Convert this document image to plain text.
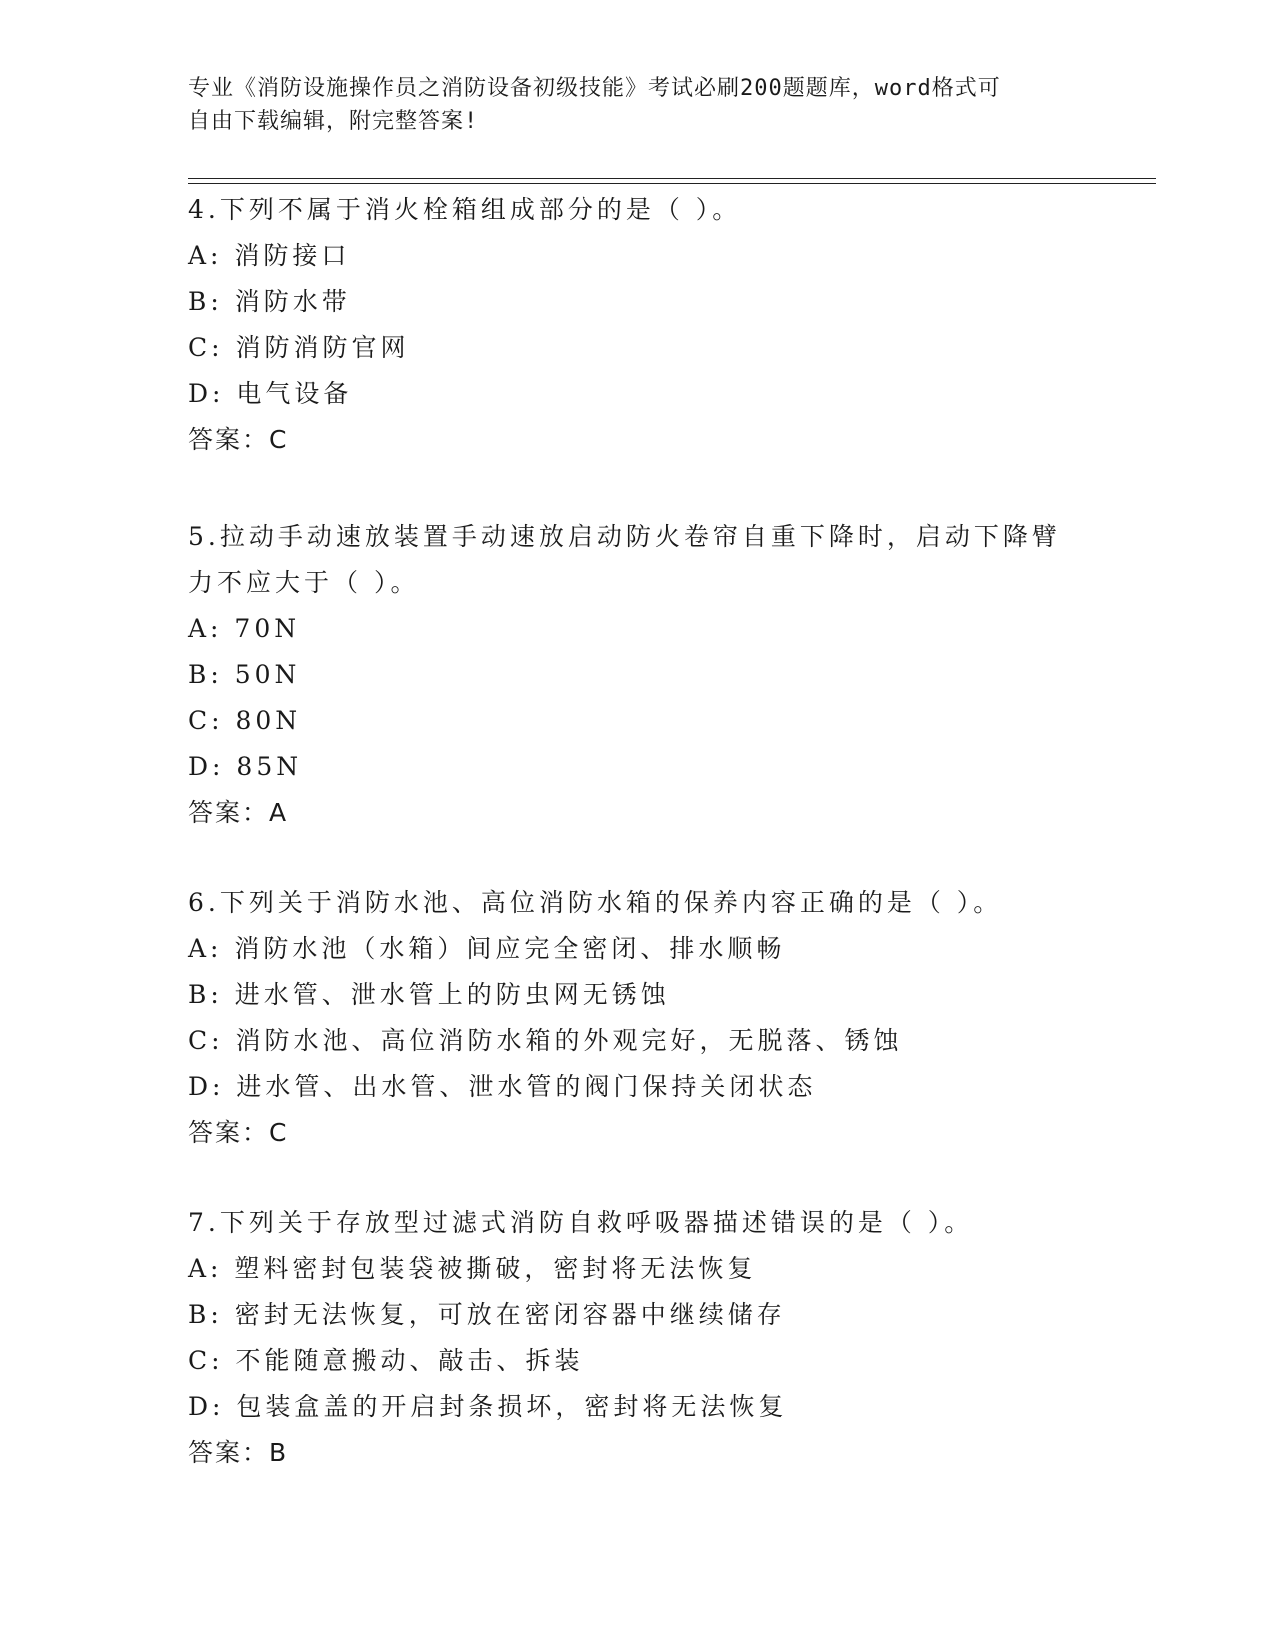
专业《消防设施操作员之消防设备初级技能》考试必刷200题题库，word格式可
自由下载编辑，附完整答案!
4.下列不属于消火栓箱组成部分的是（ ）。
A: 消防接口
B: 消防水带
C: 消防消防官网
D: 电气设备
答案：C
5.拉动手动速放装置手动速放启动防火卷帘自重下降时，启动下降臂
力不应大于（ ）。
A: 70N
B: 50N
C: 80N
D: 85N
答案：A
6.下列关于消防水池、高位消防水箱的保养内容正确的是（ ）。
A: 消防水池（水箱）间应完全密闭、排水顺畅
B: 进水管、泄水管上的防虫网无锈蚀
C: 消防水池、高位消防水箱的外观完好，无脱落、锈蚀
D: 进水管、出水管、泄水管的阀门保持关闭状态
答案：C
7.下列关于存放型过滤式消防自救呼吸器描述错误的是（ ）。
A: 塑料密封包装袋被撕破，密封将无法恢复
B: 密封无法恢复，可放在密闭容器中继续储存
C: 不能随意搬动、敲击、拆装
D: 包装盒盖的开启封条损坏，密封将无法恢复
答案：B
